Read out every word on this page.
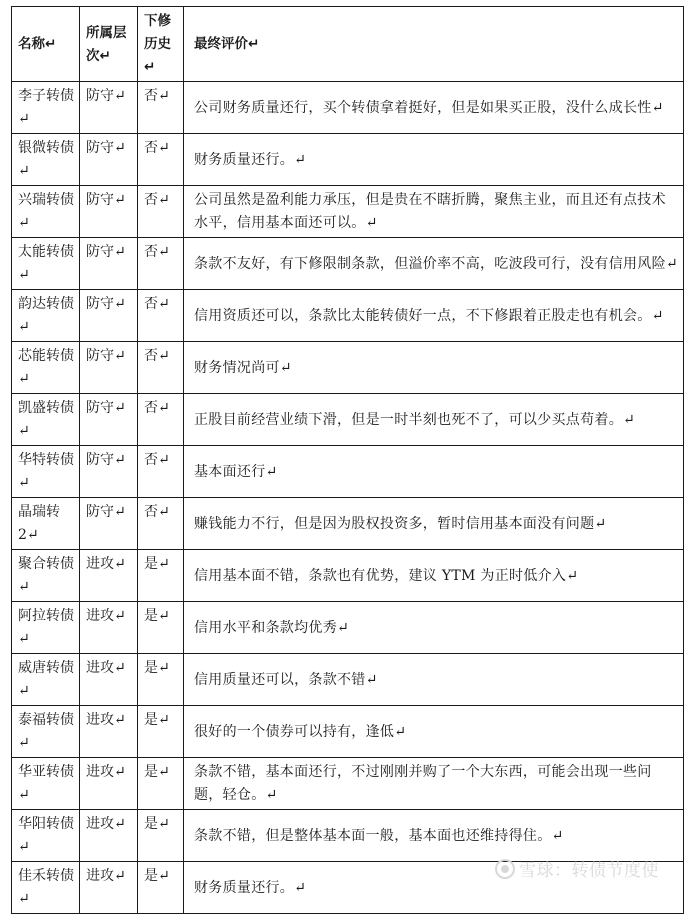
名称↵	所属层次↵	下修历史↵	最终评价↵
李子转债↵	防守↵	否↵	公司财务质量还行，买个转债拿着挺好，但是如果买正股，没什么成长性↵
银微转债↵	防守↵	否↵	财务质量还行。↵
兴瑞转债↵	防守↵	否↵	公司虽然是盈利能力承压，但是贵在不瞎折腾，聚焦主业，而且还有点技术水平，信用基本面还可以。↵
太能转债↵	防守↵	否↵	条款不友好，有下修限制条款，但溢价率不高，吃波段可行，没有信用风险↵
韵达转债↵	防守↵	否↵	信用资质还可以，条款比太能转债好一点，不下修跟着正股走也有机会。↵
芯能转债↵	防守↵	否↵	财务情况尚可↵
凯盛转债↵	防守↵	否↵	正股目前经营业绩下滑，但是一时半刻也死不了，可以少买点苟着。↵
华特转债↵	防守↵	否↵	基本面还行↵
晶瑞转2↵	防守↵	否↵	赚钱能力不行，但是因为股权投资多，暂时信用基本面没有问题↵
聚合转债↵	进攻↵	是↵	信用基本面不错，条款也有优势，建议 YTM 为正时低介入↵
阿拉转债↵	进攻↵	是↵	信用水平和条款均优秀↵
威唐转债↵	进攻↵	是↵	信用质量还可以，条款不错↵
泰福转债↵	进攻↵	是↵	很好的一个债券可以持有，逢低↵
华亚转债↵	进攻↵	是↵	条款不错，基本面还行，不过刚刚并购了一个大东西，可能会出现一些问题，轻仓。↵
华阳转债↵	进攻↵	是↵	条款不错，但是整体基本面一般，基本面也还维持得住。↵
佳禾转债↵	进攻↵	是↵	财务质量还行。↵
雪球：转债节度使
